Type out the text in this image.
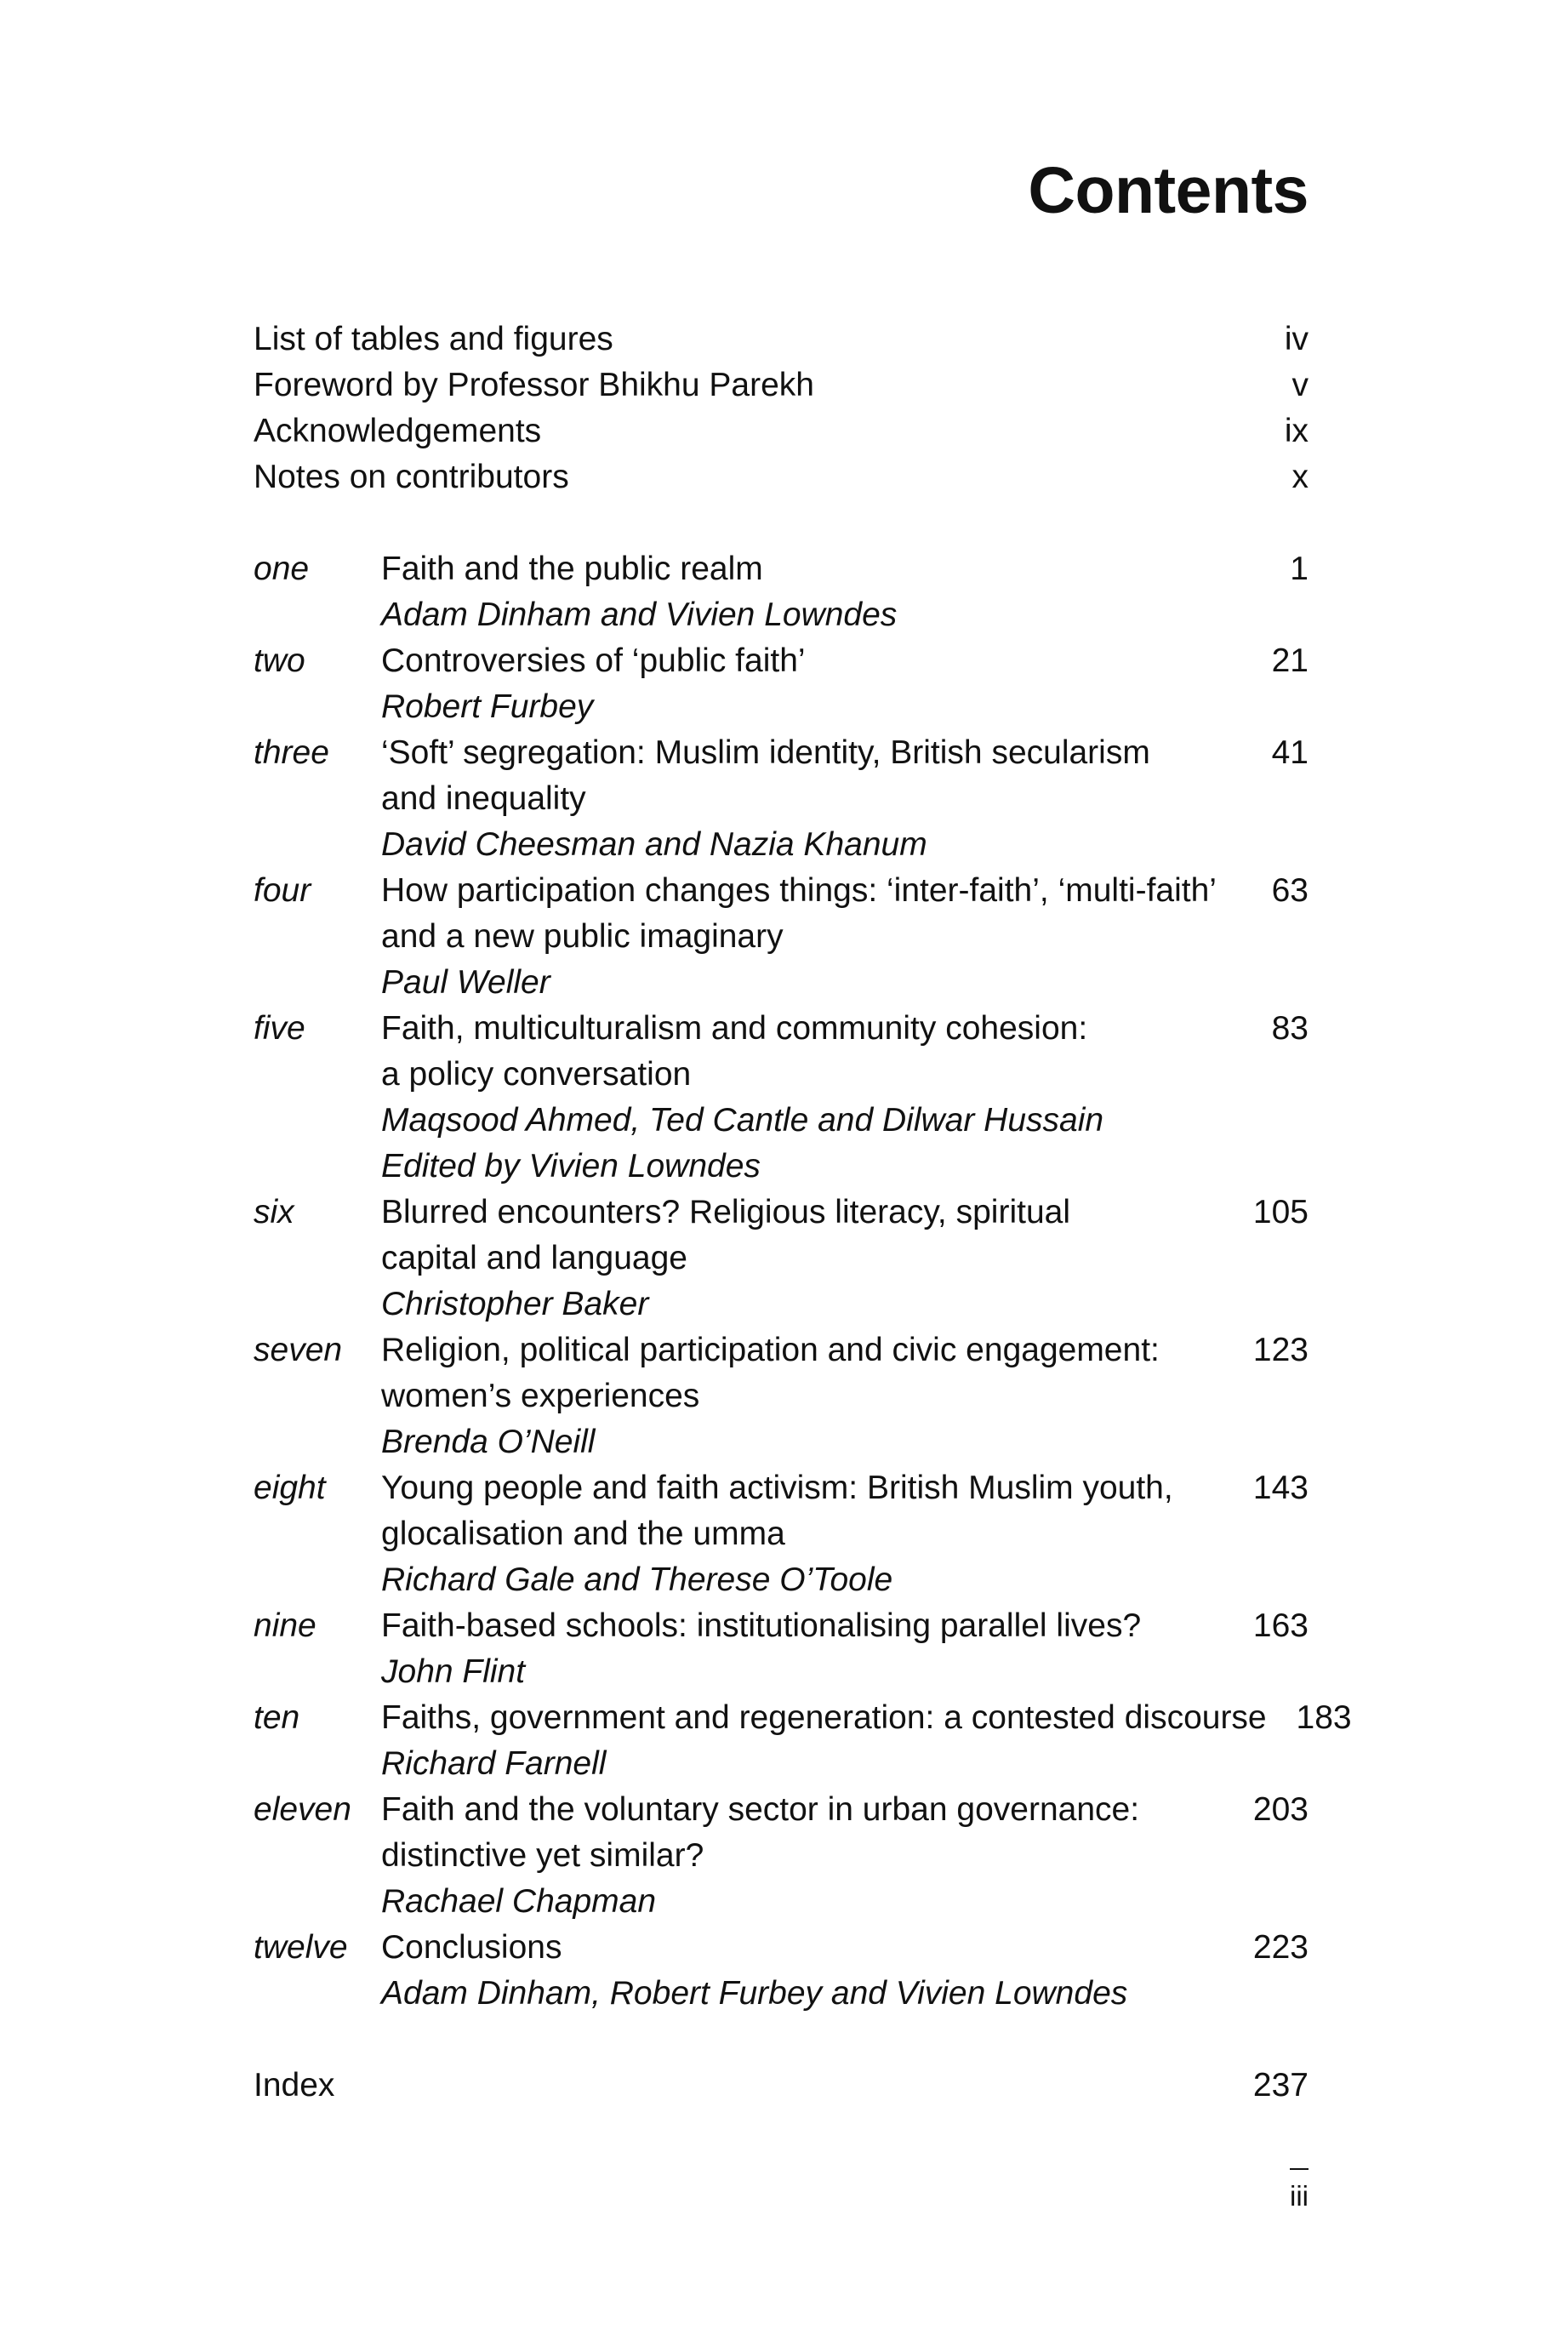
Contents
List of tables and figures	iv
Foreword by Professor Bhikhu Parekh	v
Acknowledgements	ix
Notes on contributors	x
one	Faith and the public realm	1
Adam Dinham and Vivien Lowndes
two	Controversies of ‘public faith’	21
Robert Furbey
three	‘Soft’ segregation: Muslim identity, British secularism	41
and inequality
David Cheesman and Nazia Khanum
four	How participation changes things: ‘inter-faith’, ‘multi-faith’	63
and a new public imaginary
Paul Weller
five	Faith, multiculturalism and community cohesion:	83
a policy conversation
Maqsood Ahmed, Ted Cantle and Dilwar Hussain
Edited by Vivien Lowndes
six	Blurred encounters? Religious literacy, spiritual	105
capital and language
Christopher Baker
seven	Religion, political participation and civic engagement:	123
women’s experiences
Brenda O’Neill
eight	Young people and faith activism: British Muslim youth,	143
glocalisation and the umma
Richard Gale and Therese O’Toole
nine	Faith-based schools: institutionalising parallel lives?	163
John Flint
ten	Faiths, government and regeneration: a contested discourse 183
Richard Farnell
eleven Faith and the voluntary sector in urban governance:	203
distinctive yet similar?
Rachael Chapman
twelve	Conclusions	223
Adam Dinham, Robert Furbey and Vivien Lowndes
Index	237
iii
